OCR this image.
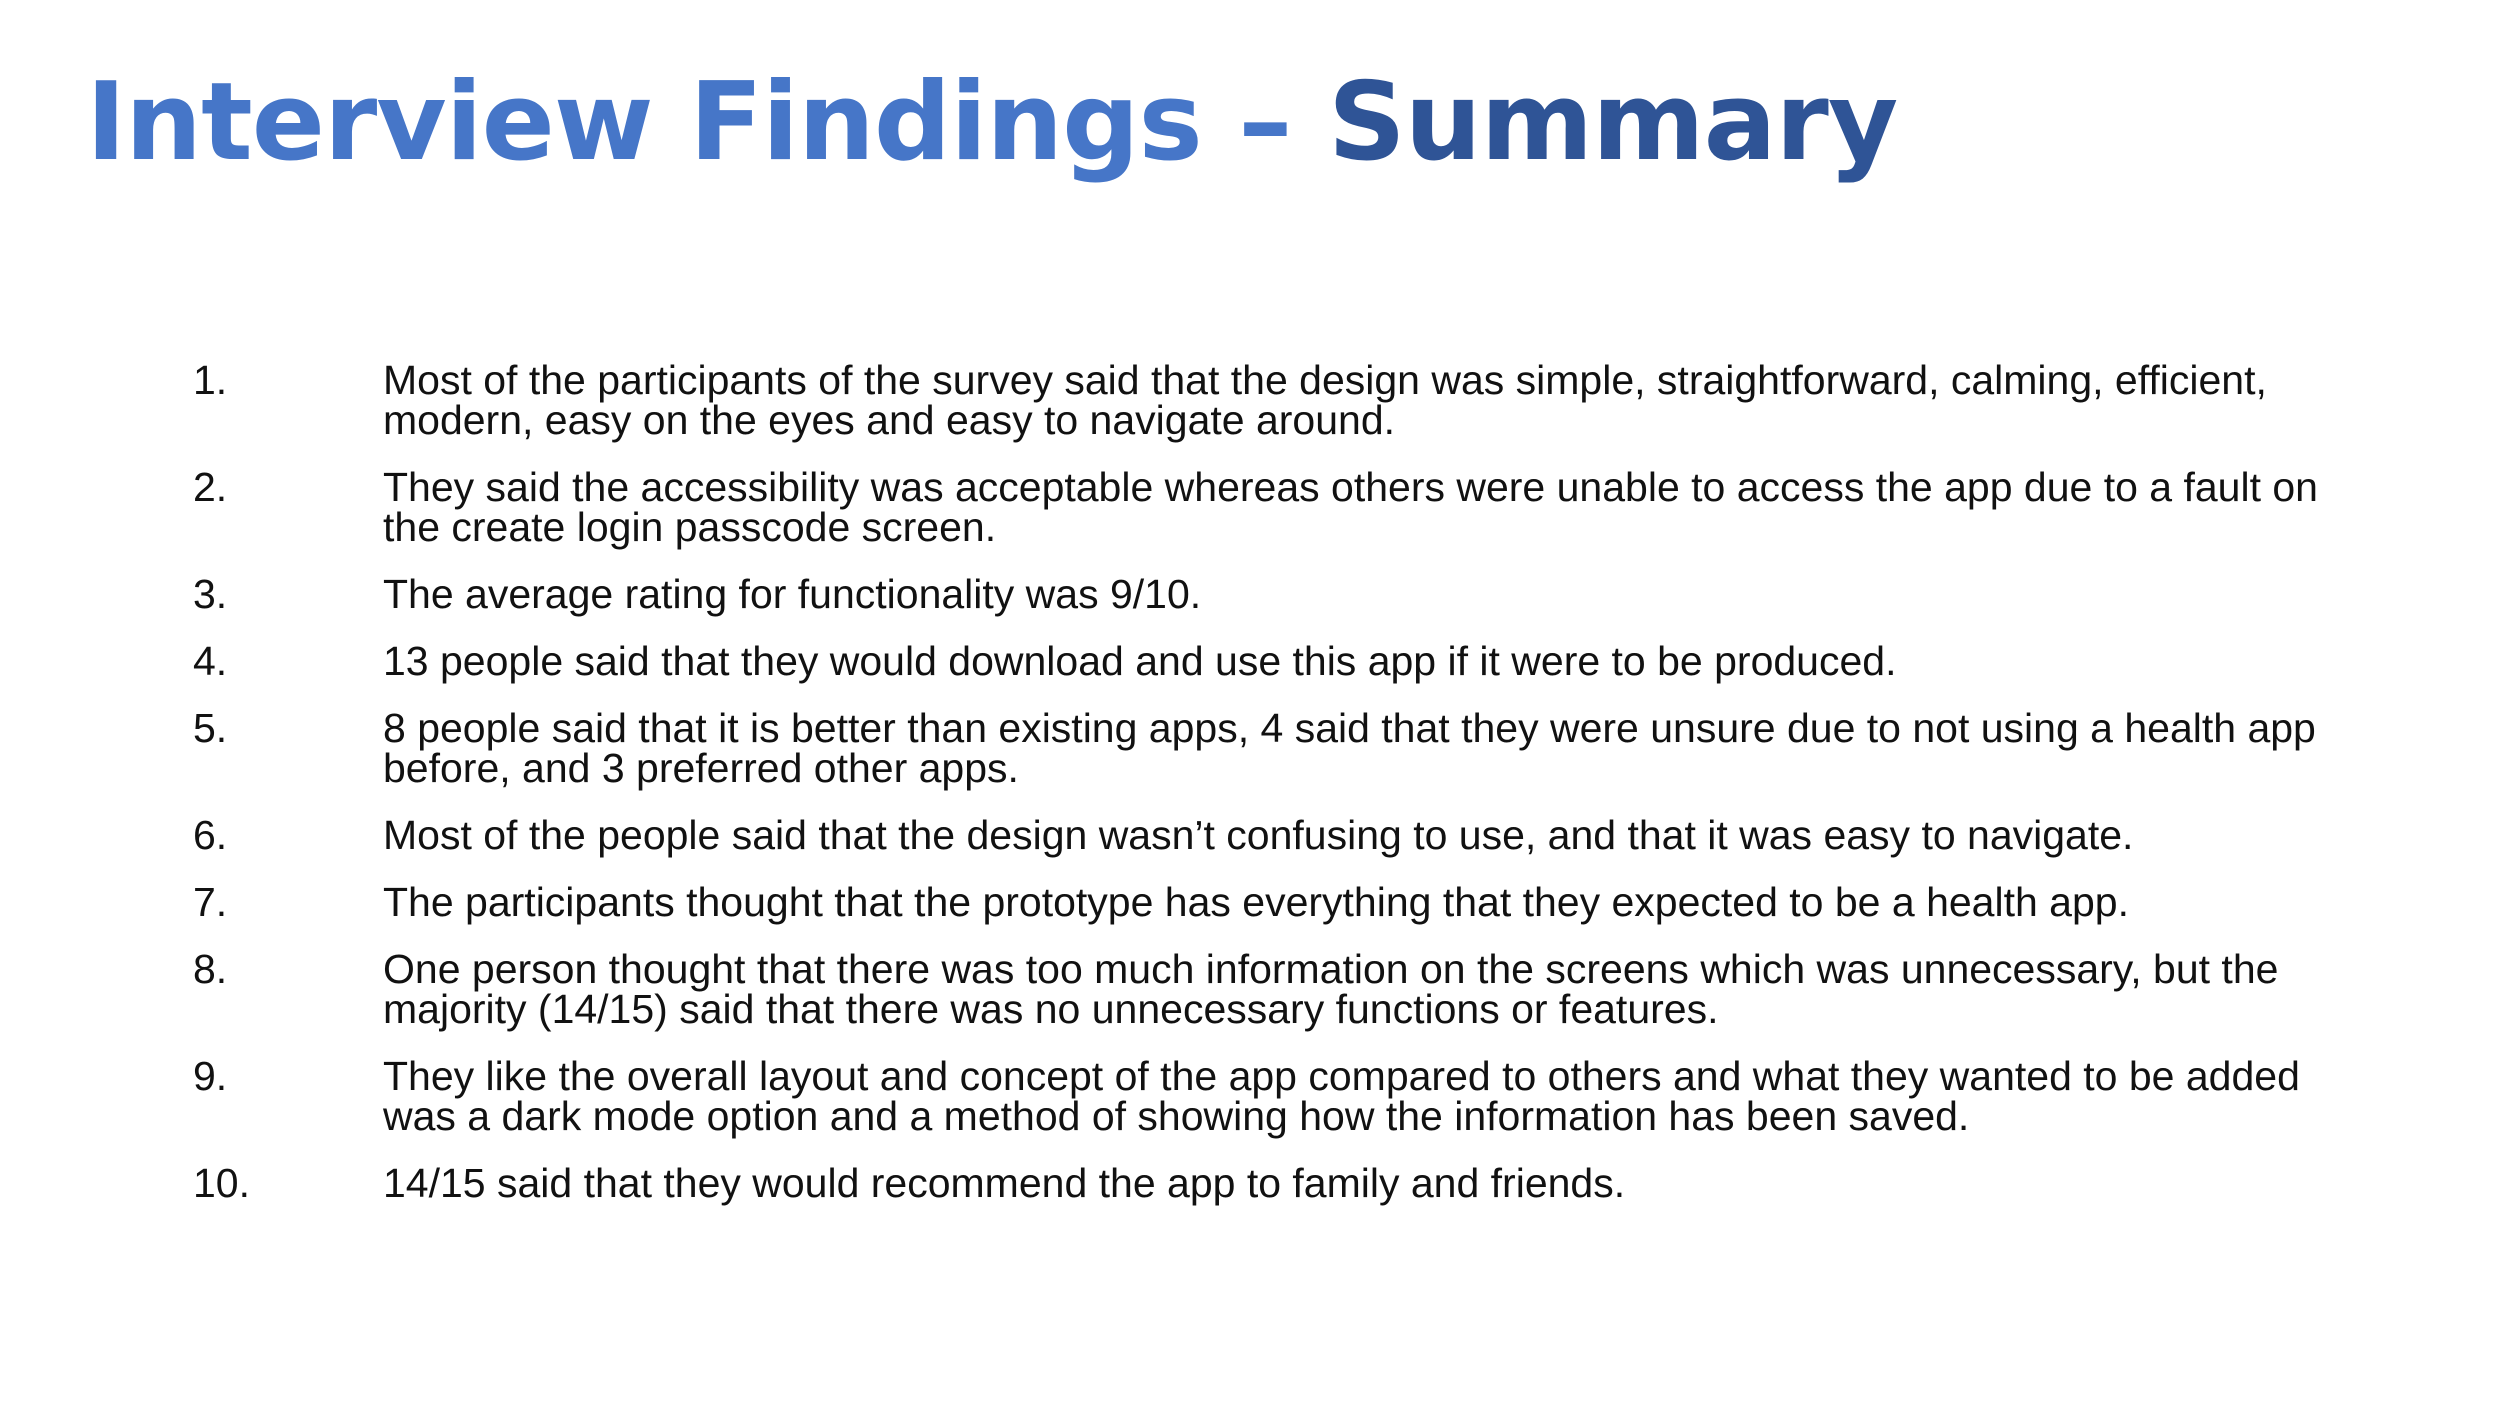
Interview Findings – Summary
1.	Most of the participants of the survey said that the design was simple, straightforward, calming, efficient, modern, easy on the eyes and easy to navigate around.
2.	They said the accessibility was acceptable whereas others were unable to access the app due to a fault on the create login passcode screen.
3.	The average rating for functionality was 9/10.
4.	13 people said that they would download and use this app if it were to be produced.
5.	8 people said that it is better than existing apps, 4 said that they were unsure due to not using a health app before, and 3 preferred other apps.
6.	Most of the people said that the design wasn’t confusing to use, and that it was easy to navigate.
7.	The participants thought that the prototype has everything that they expected to be a health app.
8.	One person thought that there was too much information on the screens which was unnecessary, but the majority (14/15) said that there was no unnecessary functions or features.
9.	They like the overall layout and concept of the app compared to others and what they wanted to be added was a dark mode option and a method of showing how the information has been saved.
10.	14/15 said that they would recommend the app to family and friends.
